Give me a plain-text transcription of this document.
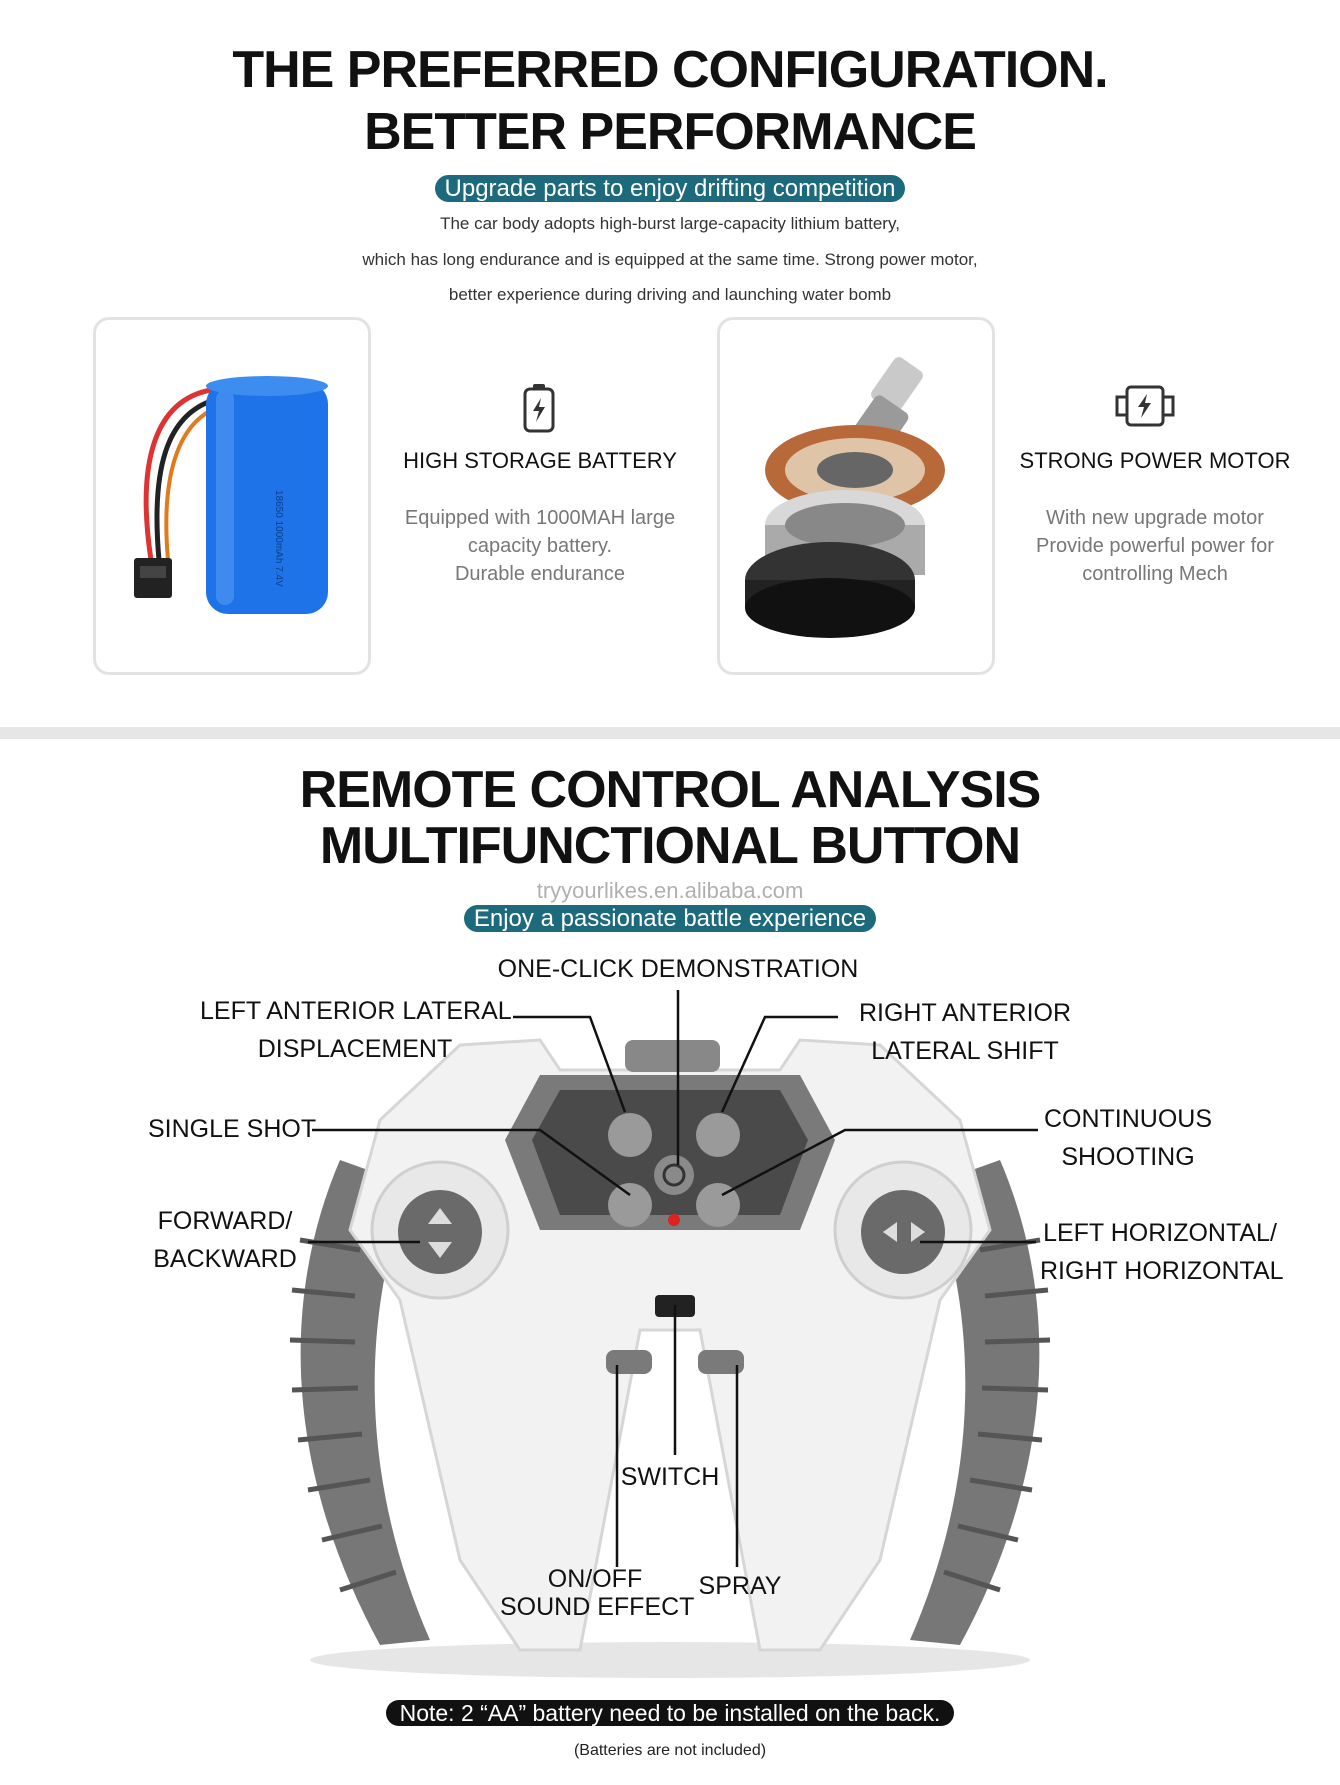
THE PREFERRED CONFIGURATION.
BETTER PERFORMANCE
Upgrade parts to enjoy drifting competition
The car body adopts high-burst large-capacity lithium battery,
which has long endurance and is equipped at the same time. Strong power motor,
better experience during driving and launching water bomb
18650 1000mAh 7.4V
HIGH STORAGE BATTERY
Equipped with 1000MAH large
capacity battery.
Durable endurance
STRONG POWER MOTOR
With new upgrade motor
Provide powerful power for
controlling Mech
REMOTE CONTROL ANALYSIS
MULTIFUNCTIONAL BUTTON
tryyourlikes.en.alibaba.com
Enjoy a passionate battle experience
ONE-CLICK DEMONSTRATION
LEFT ANTERIOR LATERAL
DISPLACEMENT
RIGHT ANTERIOR
LATERAL SHIFT
SINGLE SHOT	CONTINUOUS
SHOOTING
FORWARD/
BACKWARD
LEFT HORIZONTAL/
RIGHT HORIZONTAL
SWITCH
ON/OFF
SOUND EFFECT
SPRAY
Note: 2 “AA” battery need to be installed on the back.
(Batteries are not included)
